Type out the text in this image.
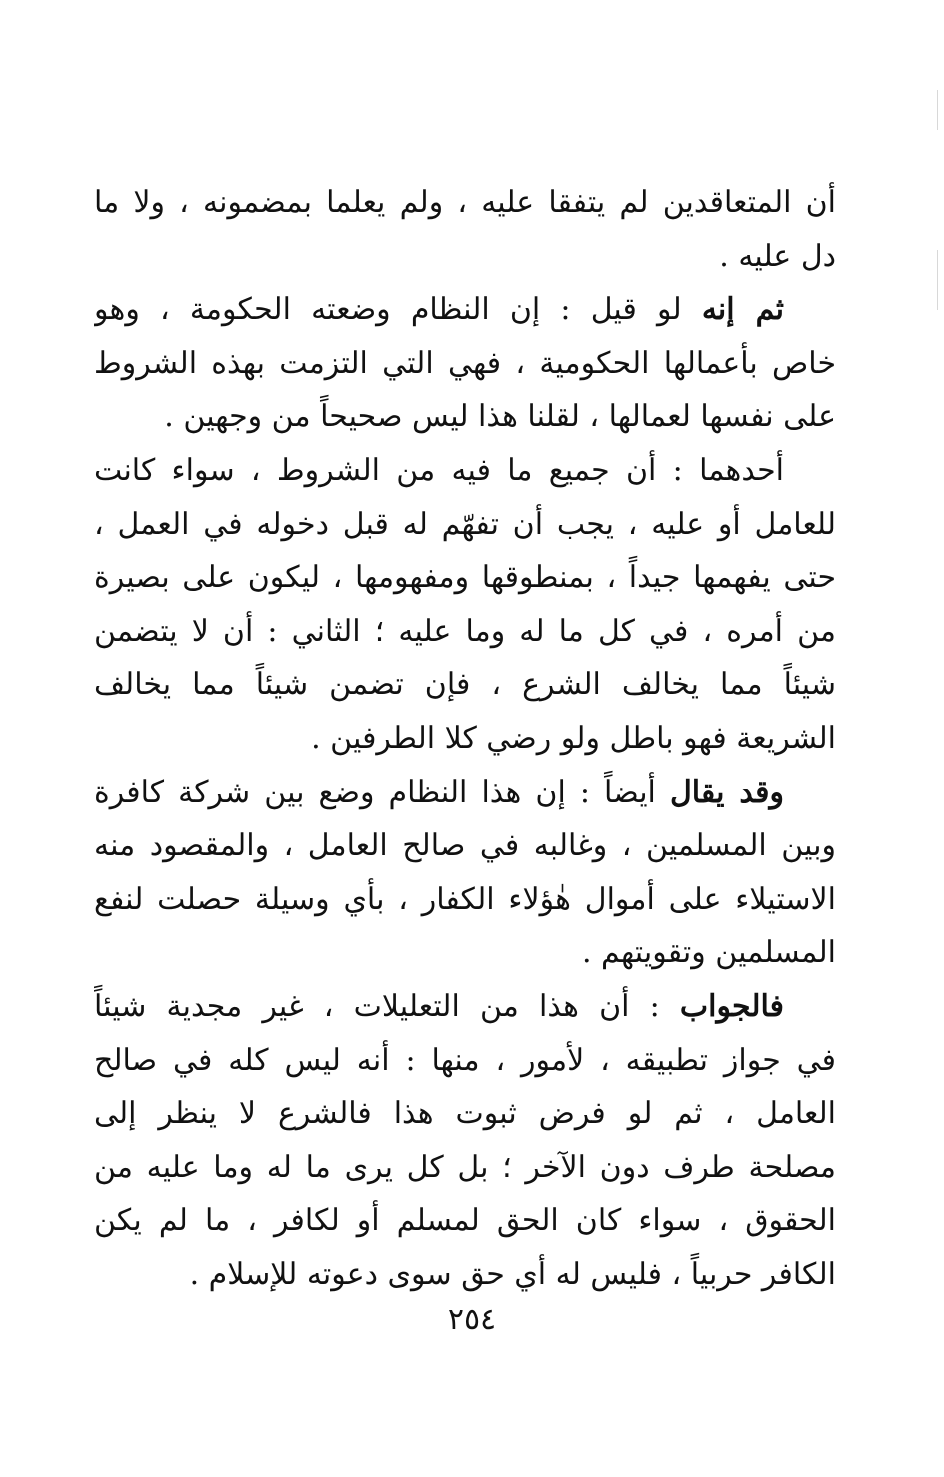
أن المتعاقدين لم يتفقا عليه ، ولم يعلما بمضمونه ، ولا ما
دل عليه .
ثم إنه لو قيل : إن النظام وضعته الحكومة ، وهو
خاص بأعمالها الحكومية ، فهي التي التزمت بهذه الشروط
على نفسها لعمالها ، لقلنا هذا ليس صحيحاً من وجهين .
أحدهما : أن جميع ما فيه من الشروط ، سواء كانت
للعامل أو عليه ، يجب أن تفهّم له قبل دخوله في العمل ،
حتى يفهمها جيداً ، بمنطوقها ومفهومها ، ليكون على بصيرة
من أمره ، في كل ما له وما عليه ؛ الثاني : أن لا يتضمن
شيئاً مما يخالف الشرع ، فإن تضمن شيئاً مما يخالف
الشريعة فهو باطل ولو رضي كلا الطرفين .
وقد يقال أيضاً : إن هذا النظام وضع بين شركة كافرة
وبين المسلمين ، وغالبه في صالح العامل ، والمقصود منه
الاستيلاء على أموال هٰؤلاء الكفار ، بأي وسيلة حصلت لنفع
المسلمين وتقويتهم .
فالجواب : أن هذا من التعليلات ، غير مجدية شيئاً
في جواز تطبيقه ، لأمور ، منها : أنه ليس كله في صالح
العامل ، ثم لو فرض ثبوت هذا فالشرع لا ينظر إلى
مصلحة طرف دون الآخر ؛ بل كل يرى ما له وما عليه من
الحقوق ، سواء كان الحق لمسلم أو لكافر ، ما لم يكن
الكافر حربياً ، فليس له أي حق سوى دعوته للإسلام .
٢٥٤
